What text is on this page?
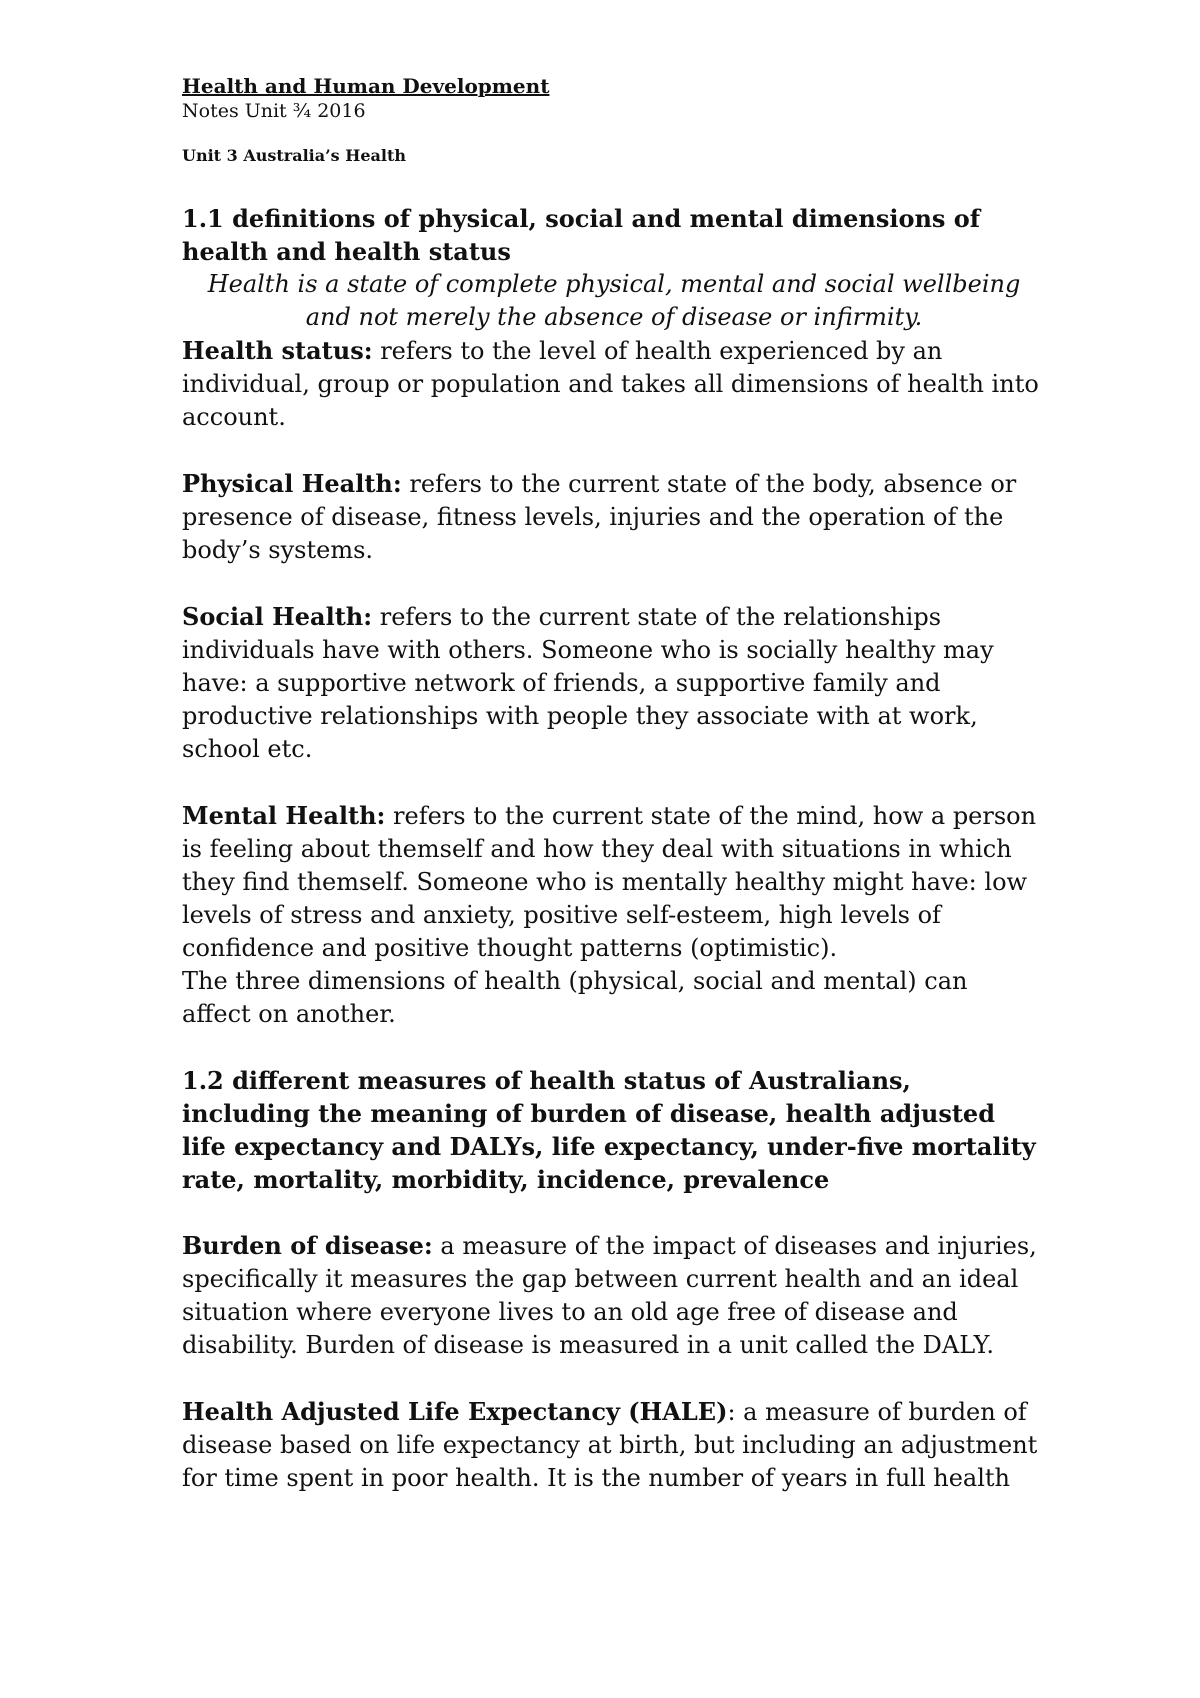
Health and Human Development
Notes Unit ¾ 2016
Unit 3 Australia’s Health
1.1 definitions of physical, social and mental dimensions of health and health status

Health is a state of complete physical, mental and social wellbeing and not merely the absence of disease or infirmity.

Health status: refers to the level of health experienced by an individual, group or population and takes all dimensions of health into account.

Physical Health: refers to the current state of the body, absence or presence of disease, fitness levels, injuries and the operation of the body’s systems.

Social Health: refers to the current state of the relationships individuals have with others. Someone who is socially healthy may have: a supportive network of friends, a supportive family and productive relationships with people they associate with at work, school etc.

Mental Health: refers to the current state of the mind, how a person is feeling about themself and how they deal with situations in which they find themself. Someone who is mentally healthy might have: low levels of stress and anxiety, positive self-esteem, high levels of confidence and positive thought patterns (optimistic).

The three dimensions of health (physical, social and mental) can affect on another.

1.2 different measures of health status of Australians, including the meaning of burden of disease, health adjusted life expectancy and DALYs, life expectancy, under-five mortality rate, mortality, morbidity, incidence, prevalence

Burden of disease: a measure of the impact of diseases and injuries, specifically it measures the gap between current health and an ideal situation where everyone lives to an old age free of disease and disability. Burden of disease is measured in a unit called the DALY.

Health Adjusted Life Expectancy (HALE): a measure of burden of disease based on life expectancy at birth, but including an adjustment for time spent in poor health. It is the number of years in full health
